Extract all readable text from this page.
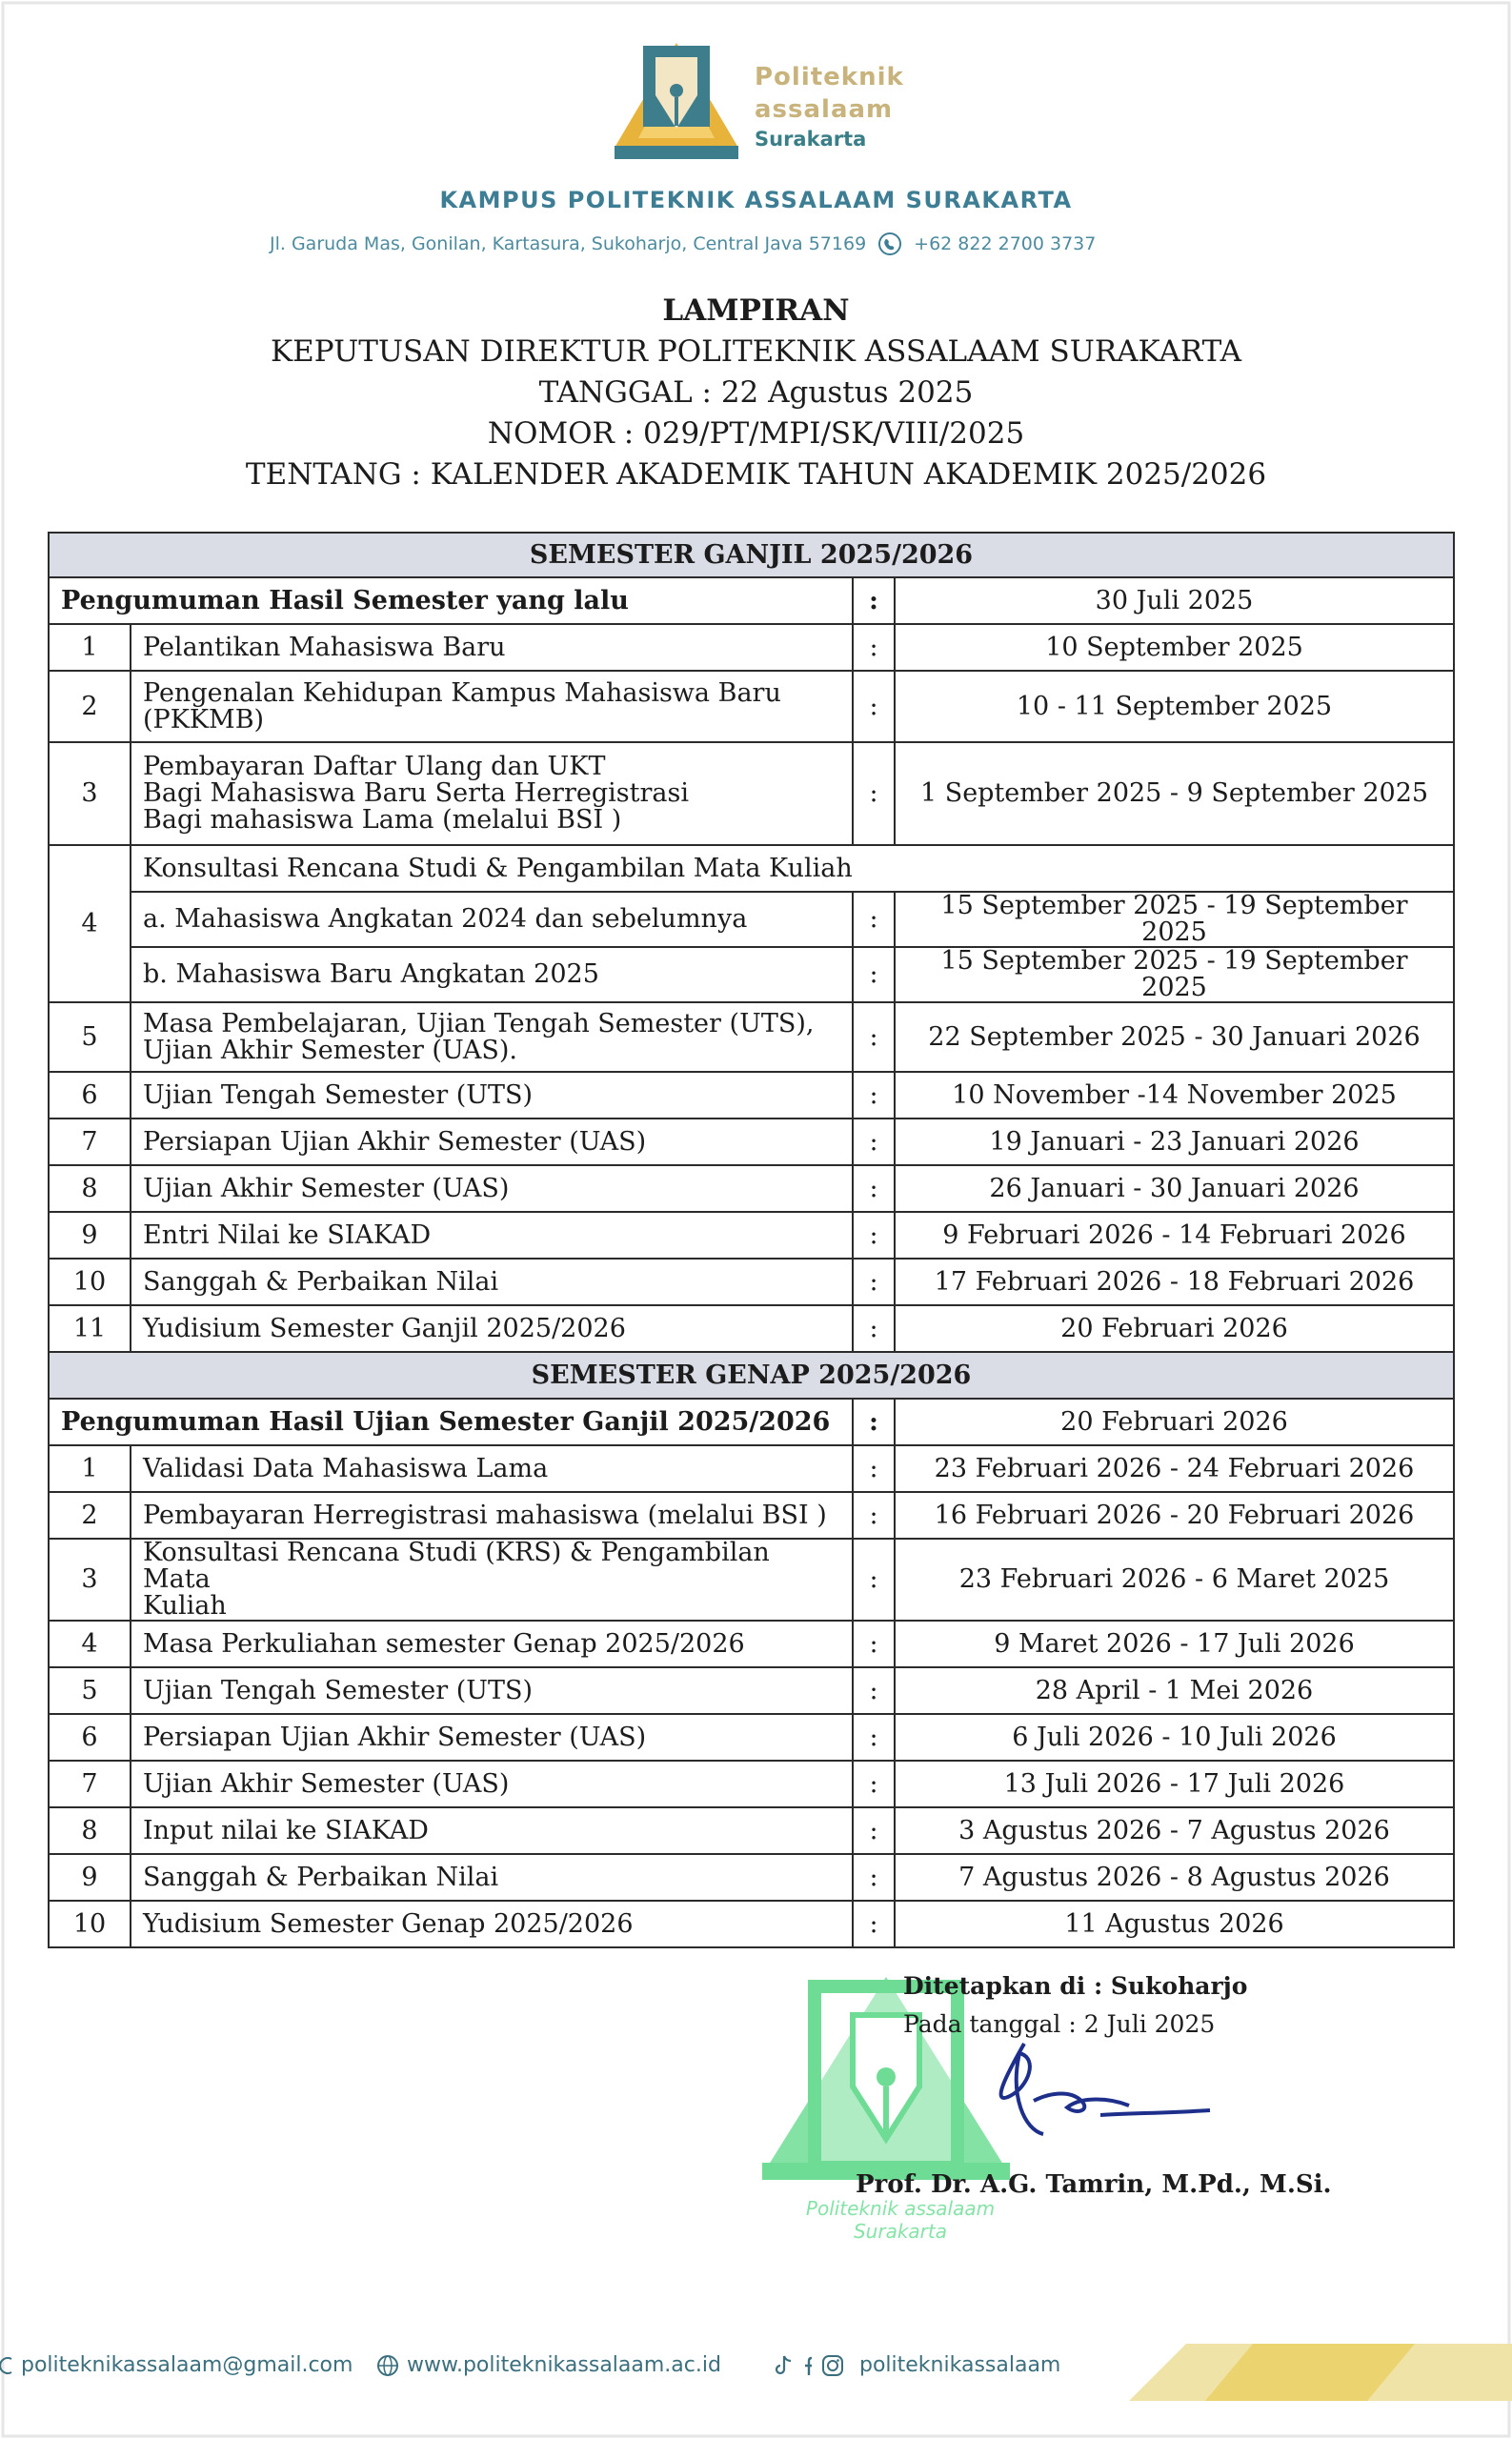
Politeknik
assalaam
Surakarta
KAMPUS POLITEKNIK ASSALAAM SURAKARTA
Jl. Garuda Mas, Gonilan, Kartasura, Sukoharjo, Central Java 57169	+62 822 2700 3737
LAMPIRAN
KEPUTUSAN DIREKTUR POLITEKNIK ASSALAAM SURAKARTA
TANGGAL : 22 Agustus 2025
NOMOR : 029/PT/MPI/SK/VIII/2025
TENTANG : KALENDER AKADEMIK TAHUN AKADEMIK 2025/2026
SEMESTER GANJIL 2025/2026			
Pengumuman Hasil Semester yang lalu		:	30 Juli 2025
1	Pelantikan Mahasiswa Baru	:	10 September 2025
2	Pengenalan Kehidupan Kampus Mahasiswa Baru
(PKKMB)	:	10 - 11 September 2025
3	Pembayaran Daftar Ulang dan UKT
Bagi Mahasiswa Baru Serta Herregistrasi
Bagi mahasiswa Lama (melalui BSI )	:	1 September 2025 - 9 September 2025
4	Konsultasi Rencana Studi & Pengambilan Mata Kuliah		
	a. Mahasiswa Angkatan 2024 dan sebelumnya	:	15 September 2025 - 19 September 2025
	b. Mahasiswa Baru Angkatan 2025	:	15 September 2025 - 19 September 2025
5	Masa Pembelajaran, Ujian Tengah Semester (UTS),
Ujian Akhir Semester (UAS).	:	22 September 2025 - 30 Januari 2026
6	Ujian Tengah Semester (UTS)	:	10 November -14 November 2025
7	Persiapan Ujian Akhir Semester (UAS)	:	19 Januari - 23 Januari 2026
8	Ujian Akhir Semester (UAS)	:	26 Januari - 30 Januari 2026
9	Entri Nilai ke SIAKAD	:	9 Februari 2026 - 14 Februari 2026
10	Sanggah & Perbaikan Nilai	:	17 Februari 2026 - 18 Februari 2026
11	Yudisium Semester Ganjil 2025/2026	:	20 Februari 2026
SEMESTER GENAP 2025/2026			
Pengumuman Hasil Ujian Semester Ganjil 2025/2026		:	20 Februari 2026
1	Validasi Data Mahasiswa Lama	:	23 Februari 2026 - 24 Februari 2026
2	Pembayaran Herregistrasi mahasiswa (melalui BSI )	:	16 Februari 2026 - 20 Februari 2026
3	Konsultasi Rencana Studi (KRS) & Pengambilan Mata
Kuliah	:	23 Februari 2026 - 6 Maret 2025
4	Masa Perkuliahan semester Genap 2025/2026	:	9 Maret 2026 - 17 Juli 2026
5	Ujian Tengah Semester (UTS)	:	28 April - 1 Mei 2026
6	Persiapan Ujian Akhir Semester (UAS)	:	6 Juli 2026 - 10 Juli 2026
7	Ujian Akhir Semester (UAS)	:	13 Juli 2026 - 17 Juli 2026
8	Input nilai ke SIAKAD	:	3 Agustus 2026 - 7 Agustus 2026
9	Sanggah & Perbaikan Nilai	:	7 Agustus 2026 - 8 Agustus 2026
10	Yudisium Semester Genap 2025/2026	:	11 Agustus 2026
Politeknik assalaam
Surakarta
Ditetapkan di : Sukoharjo
Pada tanggal : 2 Juli 2025
Prof. Dr. A.G. Tamrin, M.Pd., M.Si.
politeknikassalaam@gmail.com	www.politeknikassalaam.ac.id	politeknikassalaam
